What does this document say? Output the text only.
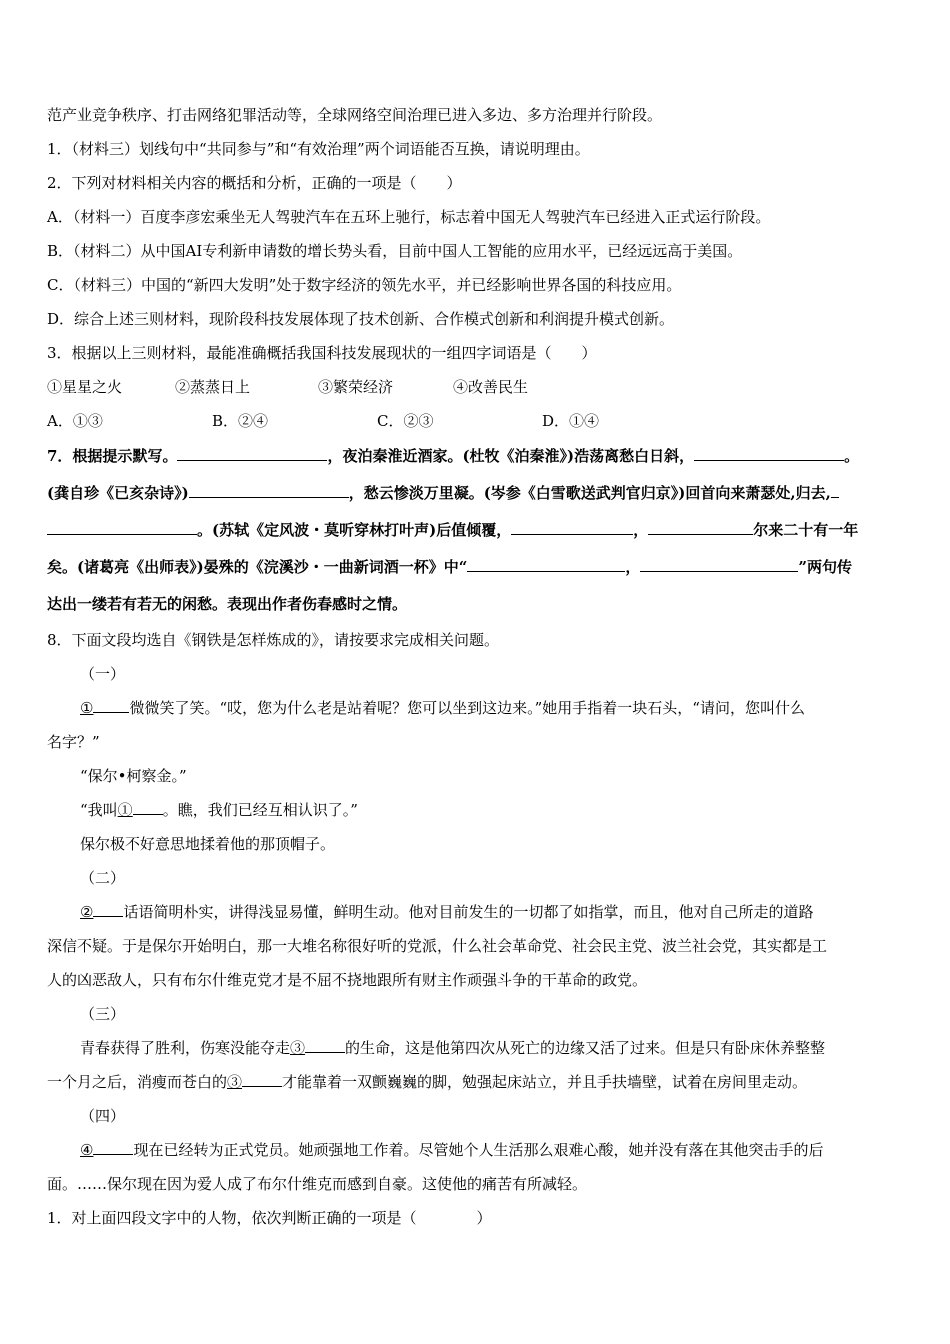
范产业竞争秩序、打击网络犯罪活动等，全球网络空间治理已进入多边、多方治理并行阶段。
1．（材料三）划线句中“共同参与”和“有效治理”两个词语能否互换，请说明理由。
2．下列对材料相关内容的概括和分析，正确的一项是（　　）
A．（材料一）百度李彦宏乘坐无人驾驶汽车在五环上驰行，标志着中国无人驾驶汽车已经进入正式运行阶段。
B．（材料二）从中国AI专利新申请数的增长势头看，目前中国人工智能的应用水平，已经远远高于美国。
C．（材料三）中国的“新四大发明”处于数字经济的领先水平，并已经影响世界各国的科技应用。
D．综合上述三则材料，现阶段科技发展体现了技术创新、合作模式创新和利润提升模式创新。
3．根据以上三则材料，最能准确概括我国科技发展现状的一组四字词语是（　　）
①星星之火	②蒸蒸日上	③繁荣经济	④改善民生
A．①③	B．②④	C．②③	D．①④
7．根据提示默写。	，夜泊秦淮近酒家。(杜牧《泊秦淮》)浩荡离愁白日斜，	。
(龚自珍《已亥杂诗》)	，愁云惨淡万里凝。(岑参《白雪歌送武判官归京》)回首向来萧瑟处,归去,
。(苏轼《定风波・莫听穿林打叶声)后值倾覆，	，	尔来二十有一年
矣。(诸葛亮《出师表》)晏殊的《浣溪沙・一曲新词酒一杯》中“	，	”两句传
达出一缕若有若无的闲愁。表现出作者伤春感时之情。
8．下面文段均选自《钢铁是怎样炼成的》，请按要求完成相关问题。
（一）
① 微微笑了笑。“哎，您为什么老是站着呢？您可以坐到这边来。”她用手指着一块石头，“请问，您叫什么
名字？”
“保尔•柯察金。”
“我叫① 。瞧，我们已经互相认识了。”
保尔极不好意思地揉着他的那顶帽子。
（二）
② 话语简明朴实，讲得浅显易懂，鲜明生动。他对目前发生的一切都了如指掌，而且，他对自己所走的道路
深信不疑。于是保尔开始明白，那一大堆名称很好听的党派，什么社会革命党、社会民主党、波兰社会党，其实都是工
人的凶恶敌人，只有布尔什维克党才是不屈不挠地跟所有财主作顽强斗争的干革命的政党。
（三）
青春获得了胜利，伤寒没能夺走③	的生命，这是他第四次从死亡的边缘又活了过来。但是只有卧床休养整整
一个月之后，消瘦而苍白的③	才能靠着一双颤巍巍的脚，勉强起床站立，并且手扶墙壁，试着在房间里走动。
（四）
④	现在已经转为正式党员。她顽强地工作着。尽管她个人生活那么艰难心酸，她并没有落在其他突击手的后
面。……保尔现在因为爱人成了布尔什维克而感到自豪。这使他的痛苦有所减轻。
1．对上面四段文字中的人物，依次判断正确的一项是（　　　　）
